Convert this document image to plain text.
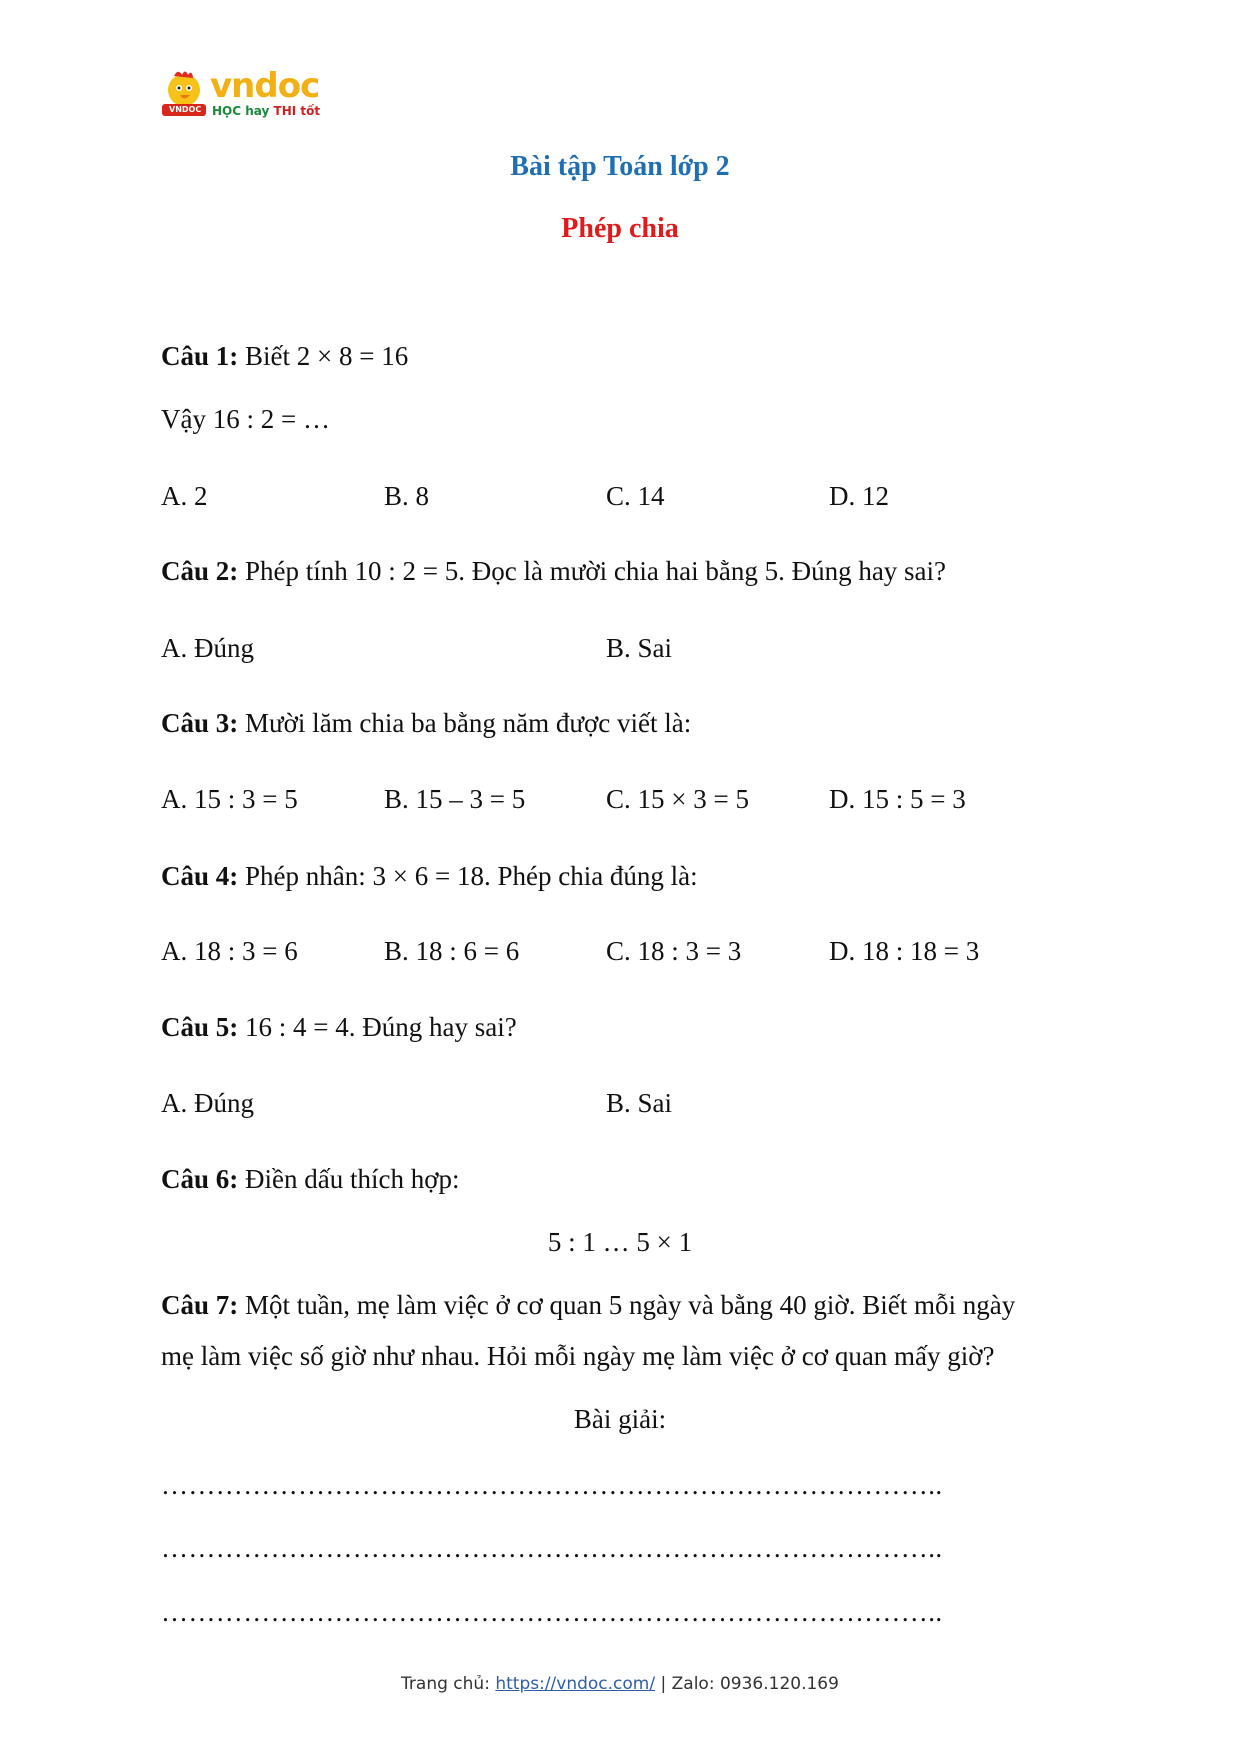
VNDOC
vndoc
HỌC hay THI tốt
Bài tập Toán lớp 2
Phép chia
Câu 1: Biết 2 × 8 = 16
Vậy 16 : 2 = …
A. 2	B. 8	C. 14	D. 12
Câu 2: Phép tính 10 : 2 = 5. Đọc là mười chia hai bằng 5. Đúng hay sai?
A. Đúng	B. Sai
Câu 3: Mười lăm chia ba bằng năm được viết là:
A. 15 : 3 = 5	B. 15 – 3 = 5	C. 15 × 3 = 5	D. 15 : 5 = 3
Câu 4: Phép nhân: 3 × 6 = 18. Phép chia đúng là:
A. 18 : 3 = 6	B. 18 : 6 = 6	C. 18 : 3 = 3	D. 18 : 18 = 3
Câu 5: 16 : 4 = 4. Đúng hay sai?
A. Đúng	B. Sai
Câu 6: Điền dấu thích hợp:
5 : 1 … 5 × 1
Câu 7: Một tuần, mẹ làm việc ở cơ quan 5 ngày và bằng 40 giờ. Biết mỗi ngày
mẹ làm việc số giờ như nhau. Hỏi mỗi ngày mẹ làm việc ở cơ quan mấy giờ?
Bài giải:
…………………………………………………………………………..
…………………………………………………………………………..
…………………………………………………………………………..
Trang chủ: https://vndoc.com/ | Zalo: 0936.120.169
